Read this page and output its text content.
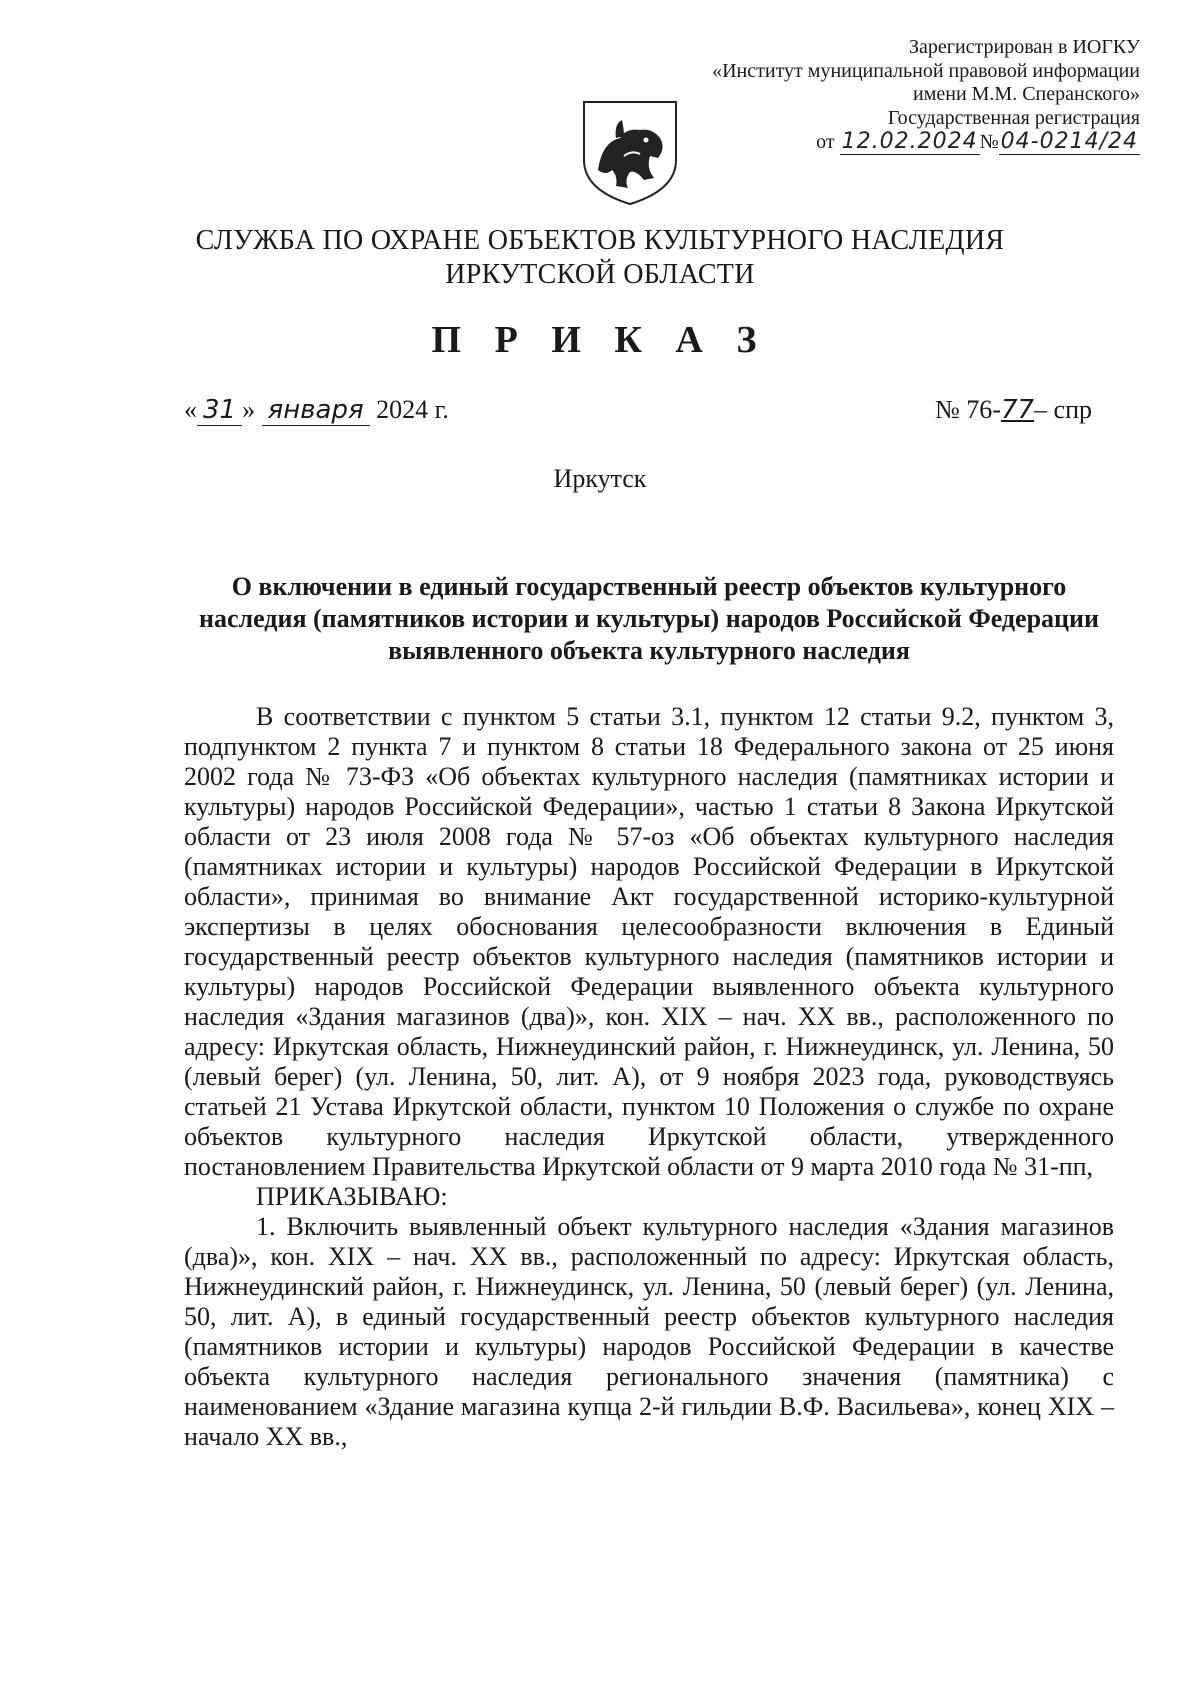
Зарегистрирован в ИОГКУ
«Институт муниципальной правовой информации
имени М.М. Сперанского»
Государственная регистрация
от 12.02.2024 №04-0214/24
СЛУЖБА ПО ОХРАНЕ ОБЪЕКТОВ КУЛЬТУРНОГО НАСЛЕДИЯ
ИРКУТСКОЙ ОБЛАСТИ
П Р И К А З
« 31 » января 2024 г.	№ 76-77– спр
Иркутск
О включении в единый государственный реестр объектов культурного наследия (памятников истории и культуры) народов Российской Федерации выявленного объекта культурного наследия

В соответствии с пунктом 5 статьи 3.1, пунктом 12 статьи 9.2, пунктом 3, подпунктом 2 пункта 7 и пунктом 8 статьи 18 Федерального закона от 25 июня 2002 года № 73-ФЗ «Об объектах культурного наследия (памятниках истории и культуры) народов Российской Федерации», частью 1 статьи 8 Закона Иркутской области от 23 июля 2008 года № 57-оз «Об объектах культурного наследия (памятниках истории и культуры) народов Российской Федерации в Иркутской области», принимая во внимание Акт государственной историко-культурной экспертизы в целях обоснования целесообразности включения в Единый государственный реестр объектов культурного наследия (памятников истории и культуры) народов Российской Федерации выявленного объекта культурного наследия «Здания магазинов (два)», кон. XIX – нач. XX вв., расположенного по адресу: Иркутская область, Нижнеудинский район, г. Нижнеудинск, ул. Ленина, 50 (левый берег) (ул. Ленина, 50, лит. А), от 9 ноября 2023 года, руководствуясь статьей 21 Устава Иркутской области, пунктом 10 Положения о службе по охране объектов культурного наследия Иркутской области, утвержденного постановлением Правительства Иркутской области от 9 марта 2010 года № 31-пп,

ПРИКАЗЫВАЮ:

1. Включить выявленный объект культурного наследия «Здания магазинов (два)», кон. XIX – нач. XX вв., расположенный по адресу: Иркутская область, Нижнеудинский район, г. Нижнеудинск, ул. Ленина, 50 (левый берег) (ул. Ленина, 50, лит. А), в единый государственный реестр объектов культурного наследия (памятников истории и культуры) народов Российской Федерации в качестве объекта культурного наследия регионального значения (памятника) с наименованием «Здание магазина купца 2-й гильдии В.Ф. Васильева», конец XIX – начало XX вв.,
